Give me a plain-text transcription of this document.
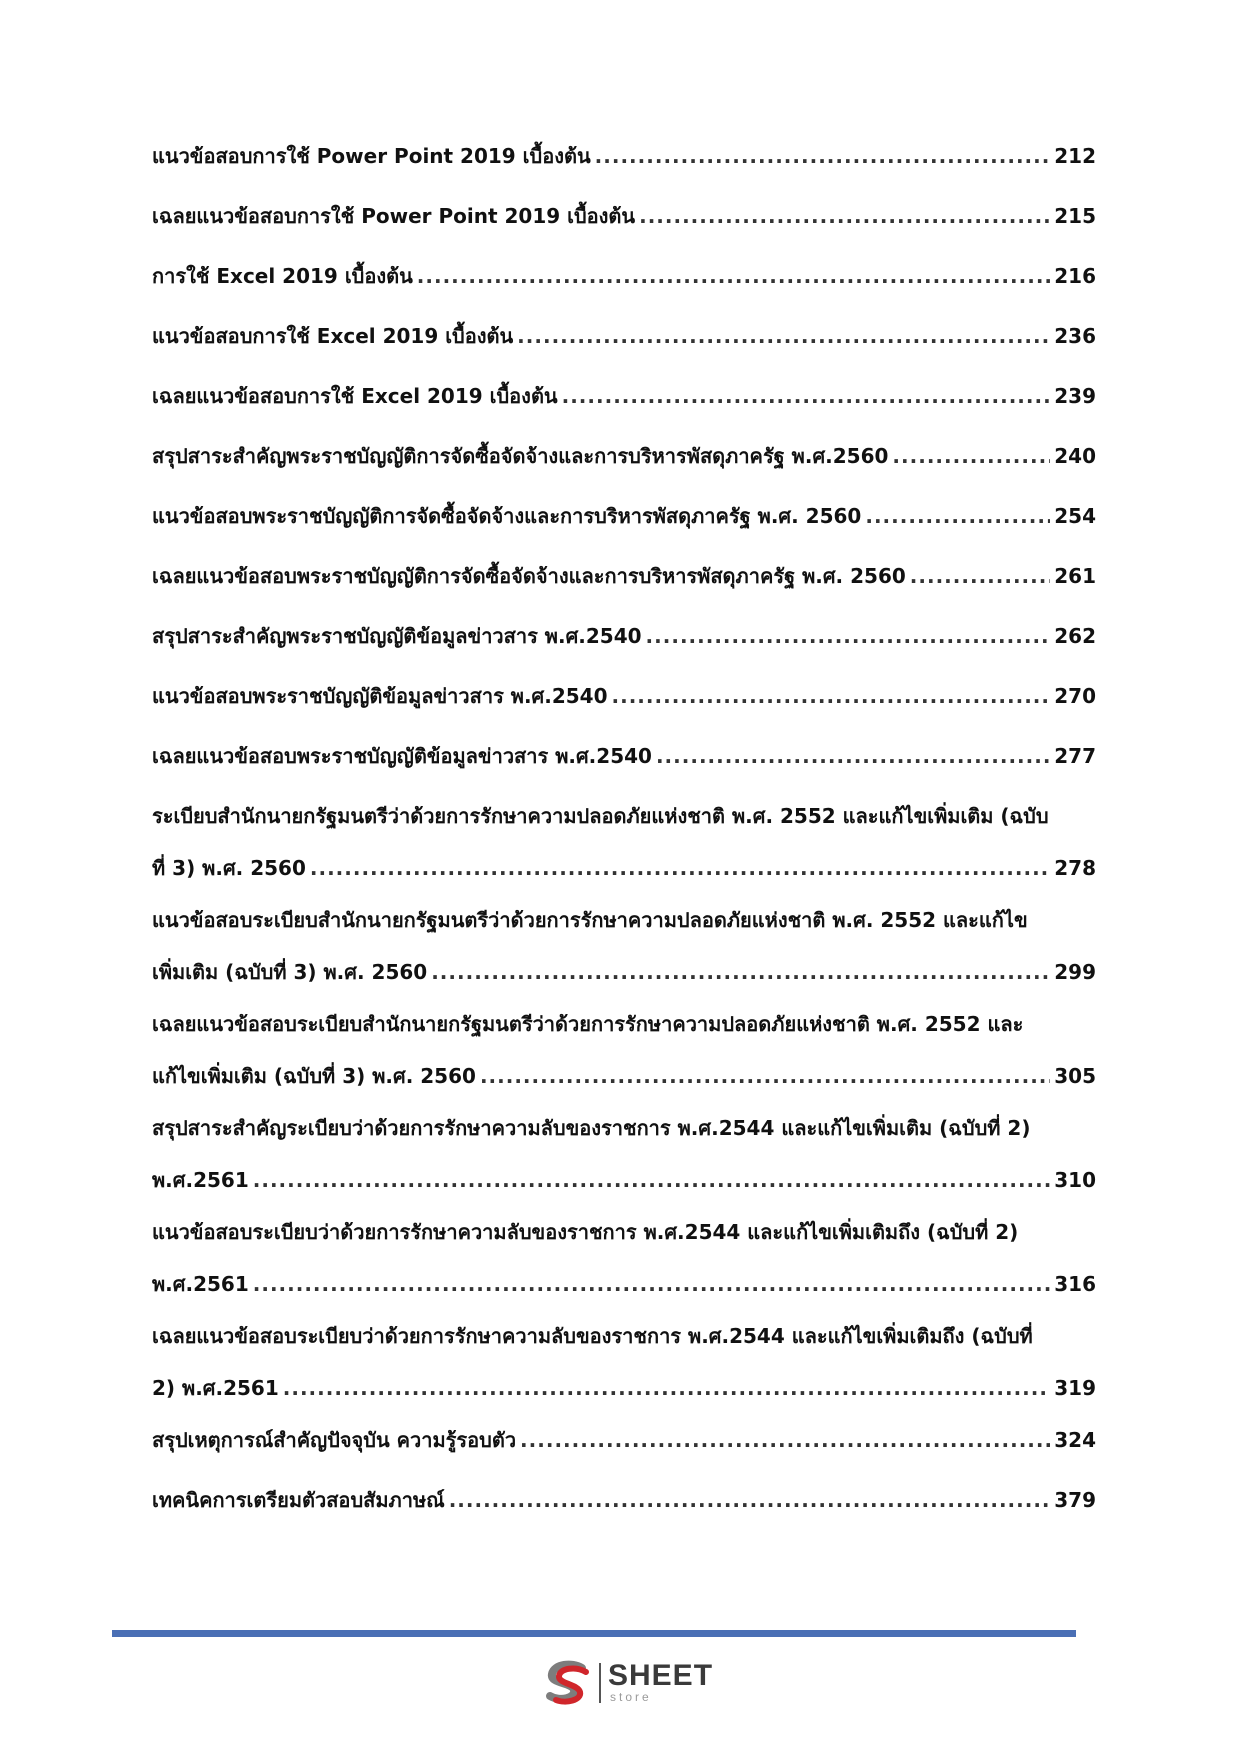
แนวข้อสอบการใช้ Power Point 2019 เบื้องต้น .....	212
เฉลยแนวข้อสอบการใช้ Power Point 2019 เบื้องต้น .....	215
การใช้ Excel 2019 เบื้องต้น .....	216
แนวข้อสอบการใช้ Excel 2019 เบื้องต้น .....	236
เฉลยแนวข้อสอบการใช้ Excel 2019 เบื้องต้น .....	239
สรุปสาระสำคัญพระราชบัญญัติการจัดซื้อจัดจ้างและการบริหารพัสดุภาครัฐ พ.ศ.2560 .....	240
แนวข้อสอบพระราชบัญญัติการจัดซื้อจัดจ้างและการบริหารพัสดุภาครัฐ พ.ศ. 2560 .....	254
เฉลยแนวข้อสอบพระราชบัญญัติการจัดซื้อจัดจ้างและการบริหารพัสดุภาครัฐ พ.ศ. 2560 .....	261
สรุปสาระสำคัญพระราชบัญญัติข้อมูลข่าวสาร พ.ศ.2540 .....	262
แนวข้อสอบพระราชบัญญัติข้อมูลข่าวสาร พ.ศ.2540 .....	270
เฉลยแนวข้อสอบพระราชบัญญัติข้อมูลข่าวสาร พ.ศ.2540 .....	277
ระเบียบสำนักนายกรัฐมนตรีว่าด้วยการรักษาความปลอดภัยแห่งชาติ พ.ศ. 2552 และแก้ไขเพิ่มเติม (ฉบับ
ที่ 3) พ.ศ. 2560 .....	278
แนวข้อสอบระเบียบสำนักนายกรัฐมนตรีว่าด้วยการรักษาความปลอดภัยแห่งชาติ พ.ศ. 2552 และแก้ไข
เพิ่มเติม (ฉบับที่ 3) พ.ศ. 2560 .....	299
เฉลยแนวข้อสอบระเบียบสำนักนายกรัฐมนตรีว่าด้วยการรักษาความปลอดภัยแห่งชาติ พ.ศ. 2552 และ
แก้ไขเพิ่มเติม (ฉบับที่ 3) พ.ศ. 2560 .....	305
สรุปสาระสำคัญระเบียบว่าด้วยการรักษาความลับของราชการ พ.ศ.2544 และแก้ไขเพิ่มเติม (ฉบับที่ 2)
พ.ศ.2561 .....	310
แนวข้อสอบระเบียบว่าด้วยการรักษาความลับของราชการ พ.ศ.2544 และแก้ไขเพิ่มเติมถึง (ฉบับที่ 2)
พ.ศ.2561 .....	316
เฉลยแนวข้อสอบระเบียบว่าด้วยการรักษาความลับของราชการ พ.ศ.2544 และแก้ไขเพิ่มเติมถึง (ฉบับที่
2) พ.ศ.2561 .....	319
สรุปเหตุการณ์สำคัญปัจจุบัน ความรู้รอบตัว .....	324
เทคนิคการเตรียมตัวสอบสัมภาษณ์ .....	379
SHEET
store
